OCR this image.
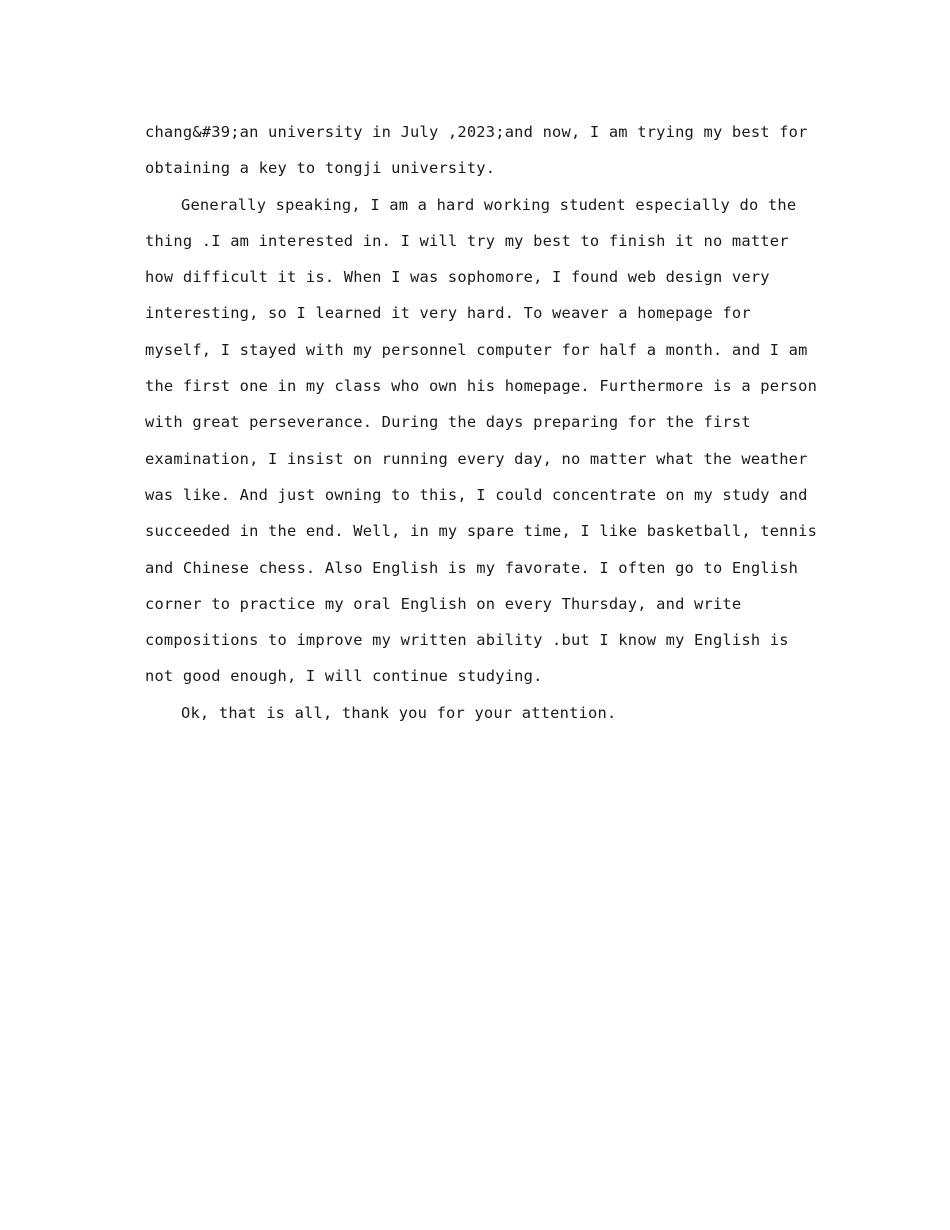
chang&#39;an university in July ,2023;and now, I am trying my best for
obtaining a key to tongji university.
Generally speaking, I am a hard working student especially do the
thing .I am interested in. I will try my best to finish it no matter
how difficult it is. When I was sophomore, I found web design very
interesting, so I learned it very hard. To weaver a homepage for
myself, I stayed with my personnel computer for half a month. and I am
the first one in my class who own his homepage. Furthermore is a person
with great perseverance. During the days preparing for the first
examination, I insist on running every day, no matter what the weather
was like. And just owning to this, I could concentrate on my study and
succeeded in the end. Well, in my spare time, I like basketball, tennis
and Chinese chess. Also English is my favorate. I often go to English
corner to practice my oral English on every Thursday, and write
compositions to improve my written ability .but I know my English is
not good enough, I will continue studying.
Ok, that is all, thank you for your attention.
